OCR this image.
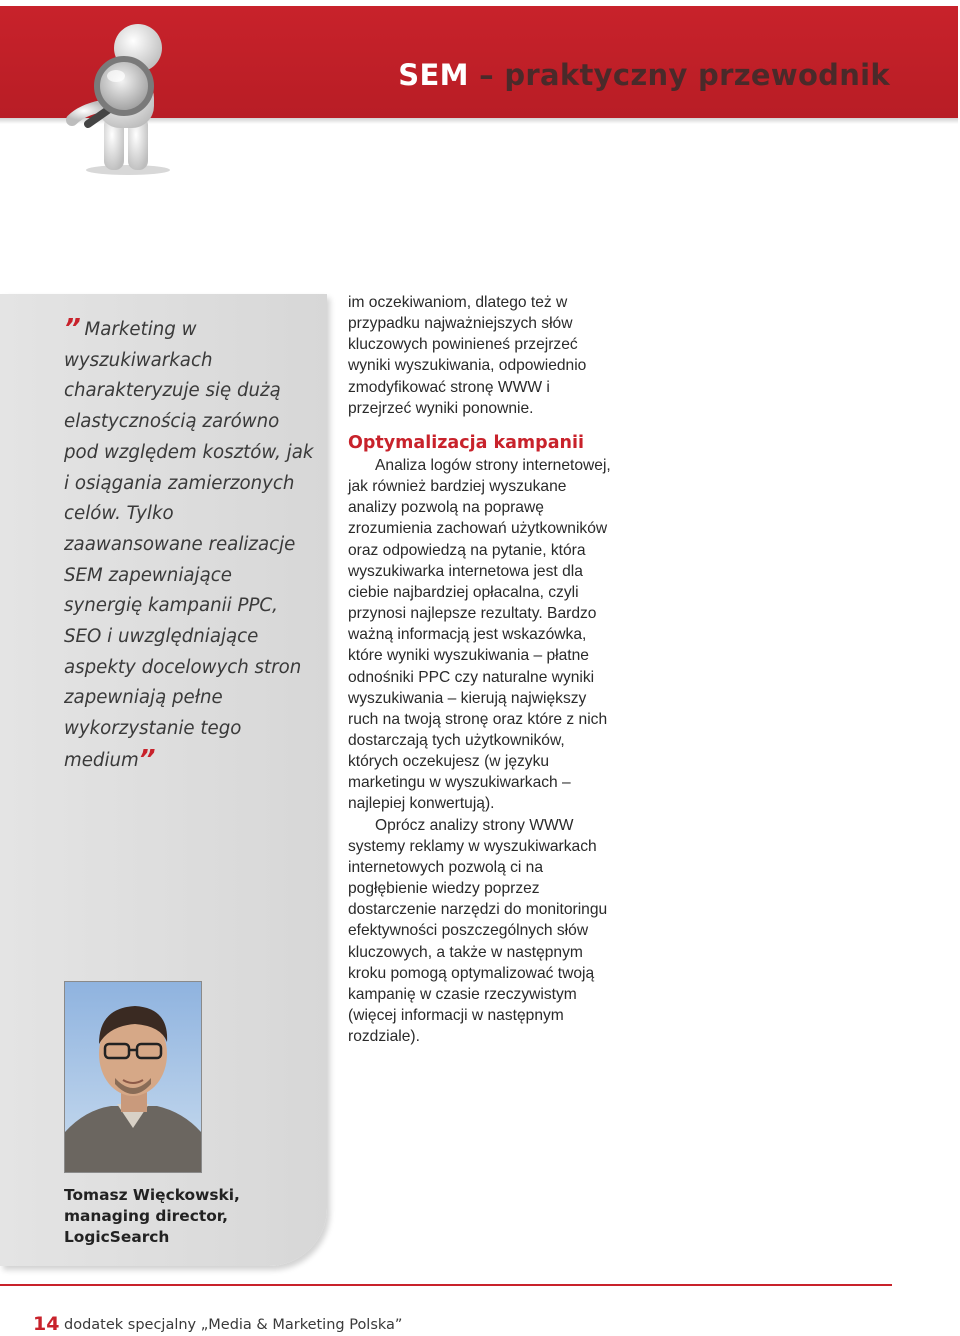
SEM – praktyczny przewodnik
” Marketing w wyszukiwarkach charakteryzuje się dużą elastycznością zarówno pod względem kosztów, jak i osiągania zamierzonych celów. Tylko zaawansowane realizacje SEM zapewniające synergię kampanii PPC, SEO i uwzględniające aspekty docelowych stron zapewniają pełne wykorzystanie tego medium”
Tomasz Więckowski,
managing director,
LogicSearch

im oczekiwaniom, dlatego też w przypadku najważniejszych słów kluczowych powinieneś przejrzeć wyniki wyszukiwania, odpowiednio zmodyfikować stronę WWW i przejrzeć wyniki ponownie.

Optymalizacja kampanii

Analiza logów strony internetowej, jak również bardziej wyszukane analizy pozwolą na poprawę zrozumienia zachowań użytkowników oraz odpowiedzą na pytanie, która wyszukiwarka internetowa jest dla ciebie najbardziej opłacalna, czyli przynosi najlepsze rezultaty. Bardzo ważną informacją jest wskazówka, które wyniki wyszukiwania – płatne odnośniki PPC czy naturalne wyniki wyszukiwania – kierują największy ruch na twoją stronę oraz które z nich dostarczają tych użytkowników, których oczekujesz (w języku marketingu w wyszukiwarkach – najlepiej konwertują).

Oprócz analizy strony WWW systemy reklamy w wyszukiwarkach internetowych pozwolą ci na pogłębienie wiedzy poprzez dostarczenie narzędzi do monitoringu efektywności poszczególnych słów kluczowych, a także w następnym kroku pomogą optymalizować twoją kampanię w czasie rzeczywistym (więcej informacji w następnym rozdziale).

14 dodatek specjalny „Media & Marketing Polska”
